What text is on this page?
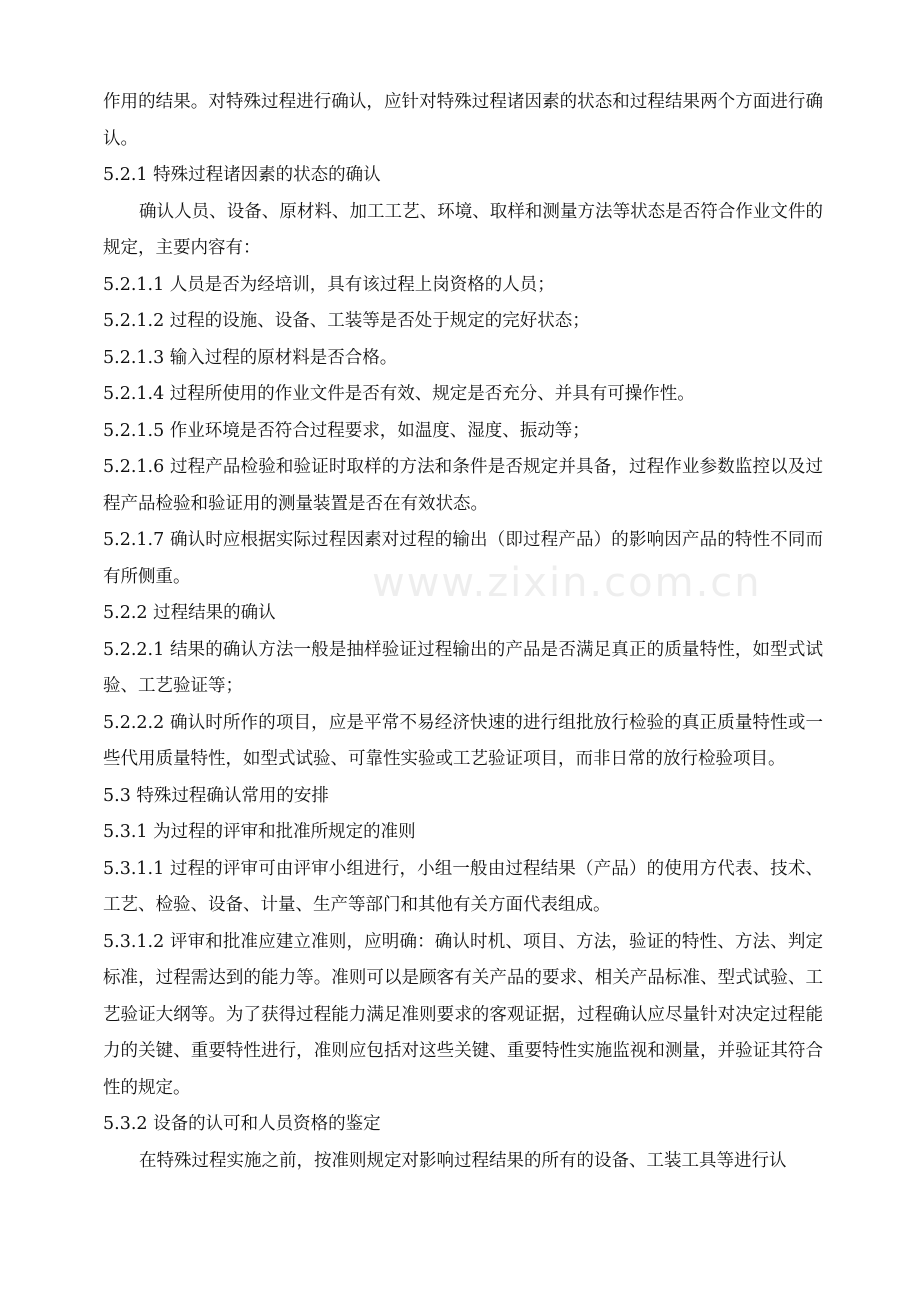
作用的结果。对特殊过程进行确认，应针对特殊过程诸因素的状态和过程结果两个方面进行确认。

5.2.1 特殊过程诸因素的状态的确认

确认人员、设备、原材料、加工工艺、环境、取样和测量方法等状态是否符合作业文件的规定，主要内容有：

5.2.1.1 人员是否为经培训，具有该过程上岗资格的人员；

5.2.1.2 过程的设施、设备、工装等是否处于规定的完好状态；

5.2.1.3 输入过程的原材料是否合格。

5.2.1.4 过程所使用的作业文件是否有效、规定是否充分、并具有可操作性。

5.2.1.5 作业环境是否符合过程要求，如温度、湿度、振动等；

5.2.1.6 过程产品检验和验证时取样的方法和条件是否规定并具备，过程作业参数监控以及过程产品检验和验证用的测量装置是否在有效状态。

5.2.1.7 确认时应根据实际过程因素对过程的输出（即过程产品）的影响因产品的特性不同而有所侧重。

5.2.2 过程结果的确认

5.2.2.1 结果的确认方法一般是抽样验证过程输出的产品是否满足真正的质量特性，如型式试验、工艺验证等；

5.2.2.2 确认时所作的项目，应是平常不易经济快速的进行组批放行检验的真正质量特性或一些代用质量特性，如型式试验、可靠性实验或工艺验证项目，而非日常的放行检验项目。

5.3 特殊过程确认常用的安排

5.3.1 为过程的评审和批准所规定的准则

5.3.1.1 过程的评审可由评审小组进行，小组一般由过程结果（产品）的使用方代表、技术、工艺、检验、设备、计量、生产等部门和其他有关方面代表组成。

5.3.1.2 评审和批准应建立准则，应明确：确认时机、项目、方法，验证的特性、方法、判定标准，过程需达到的能力等。准则可以是顾客有关产品的要求、相关产品标准、型式试验、工艺验证大纲等。为了获得过程能力满足准则要求的客观证据，过程确认应尽量针对决定过程能力的关键、重要特性进行，准则应包括对这些关键、重要特性实施监视和测量，并验证其符合性的规定。

5.3.2 设备的认可和人员资格的鉴定

在特殊过程实施之前，按准则规定对影响过程结果的所有的设备、工装工具等进行认

www.zixin.com.cn
